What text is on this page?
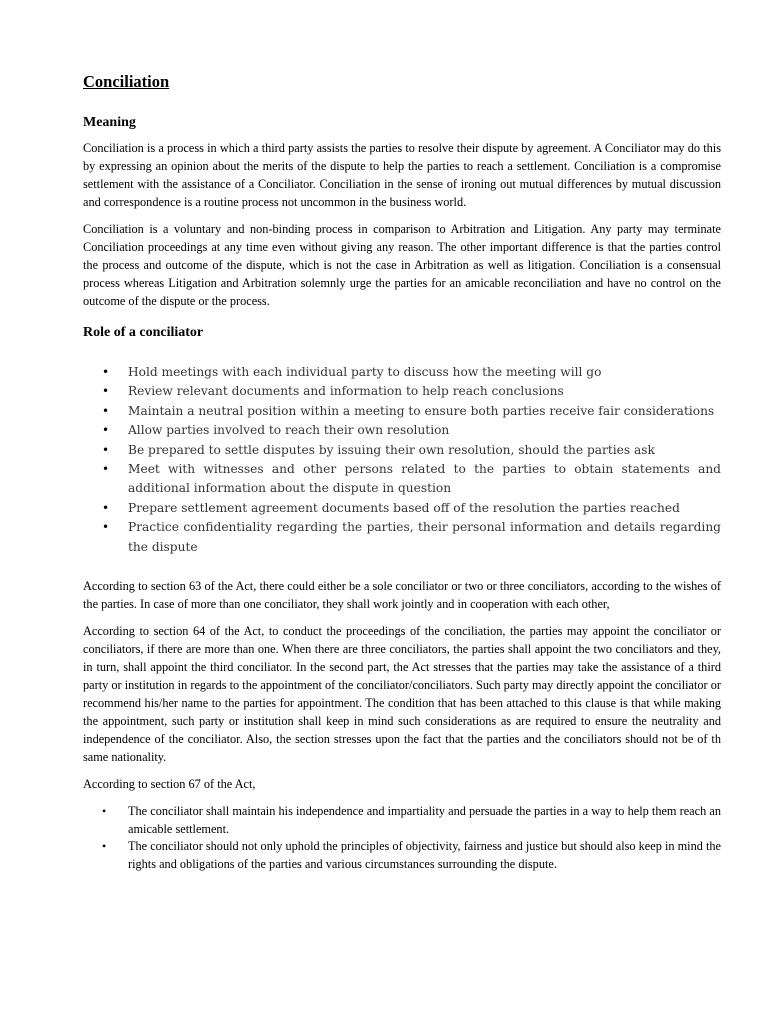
Conciliation
Meaning

Conciliation is a process in which a third party assists the parties to resolve their dispute by agreement. A Conciliator may do this by expressing an opinion about the merits of the dispute to help the parties to reach a settlement. Conciliation is a compromise settlement with the assistance of a Conciliator. Conciliation in the sense of ironing out mutual differences by mutual discussion and correspondence is a routine process not uncommon in the business world.

Conciliation is a voluntary and non-binding process in comparison to Arbitration and Litigation. Any party may terminate Conciliation proceedings at any time even without giving any reason. The other important difference is that the parties control the process and outcome of the dispute, which is not the case in Arbitration as well as litigation. Conciliation is a consensual process whereas Litigation and Arbitration solemnly urge the parties for an amicable reconciliation and have no control on the outcome of the dispute or the process.

Role of a conciliator
• Hold meetings with each individual party to discuss how the meeting will go
• Review relevant documents and information to help reach conclusions
• Maintain a neutral position within a meeting to ensure both parties receive fair considerations
• Allow parties involved to reach their own resolution
• Be prepared to settle disputes by issuing their own resolution, should the parties ask
• Meet with witnesses and other persons related to the parties to obtain statements and additional information about the dispute in question
• Prepare settlement agreement documents based off of the resolution the parties reached
• Practice confidentiality regarding the parties, their personal information and details regarding the dispute

According to section 63 of the Act, there could either be a sole conciliator or two or three conciliators, according to the wishes of the parties. In case of more than one conciliator, they shall work jointly and in cooperation with each other,

According to section 64 of the Act, to conduct the proceedings of the conciliation, the parties may appoint the conciliator or conciliators, if there are more than one. When there are three conciliators, the parties shall appoint the two conciliators and they, in turn, shall appoint the third conciliator. In the second part, the Act stresses that the parties may take the assistance of a third party or institution in regards to the appointment of the conciliator/conciliators. Such party may directly appoint the conciliator or recommend his/her name to the parties for appointment. The condition that has been attached to this clause is that while making the appointment, such party or institution shall keep in mind such considerations as are required to ensure the neutrality and independence of the conciliator. Also, the section stresses upon the fact that the parties and the conciliators should not be of th same nationality.

According to section 67 of the Act,

• The conciliator shall maintain his independence and impartiality and persuade the parties in a way to help them reach an amicable settlement.
• The conciliator should not only uphold the principles of objectivity, fairness and justice but should also keep in mind the rights and obligations of the parties and various circumstances surrounding the dispute.
